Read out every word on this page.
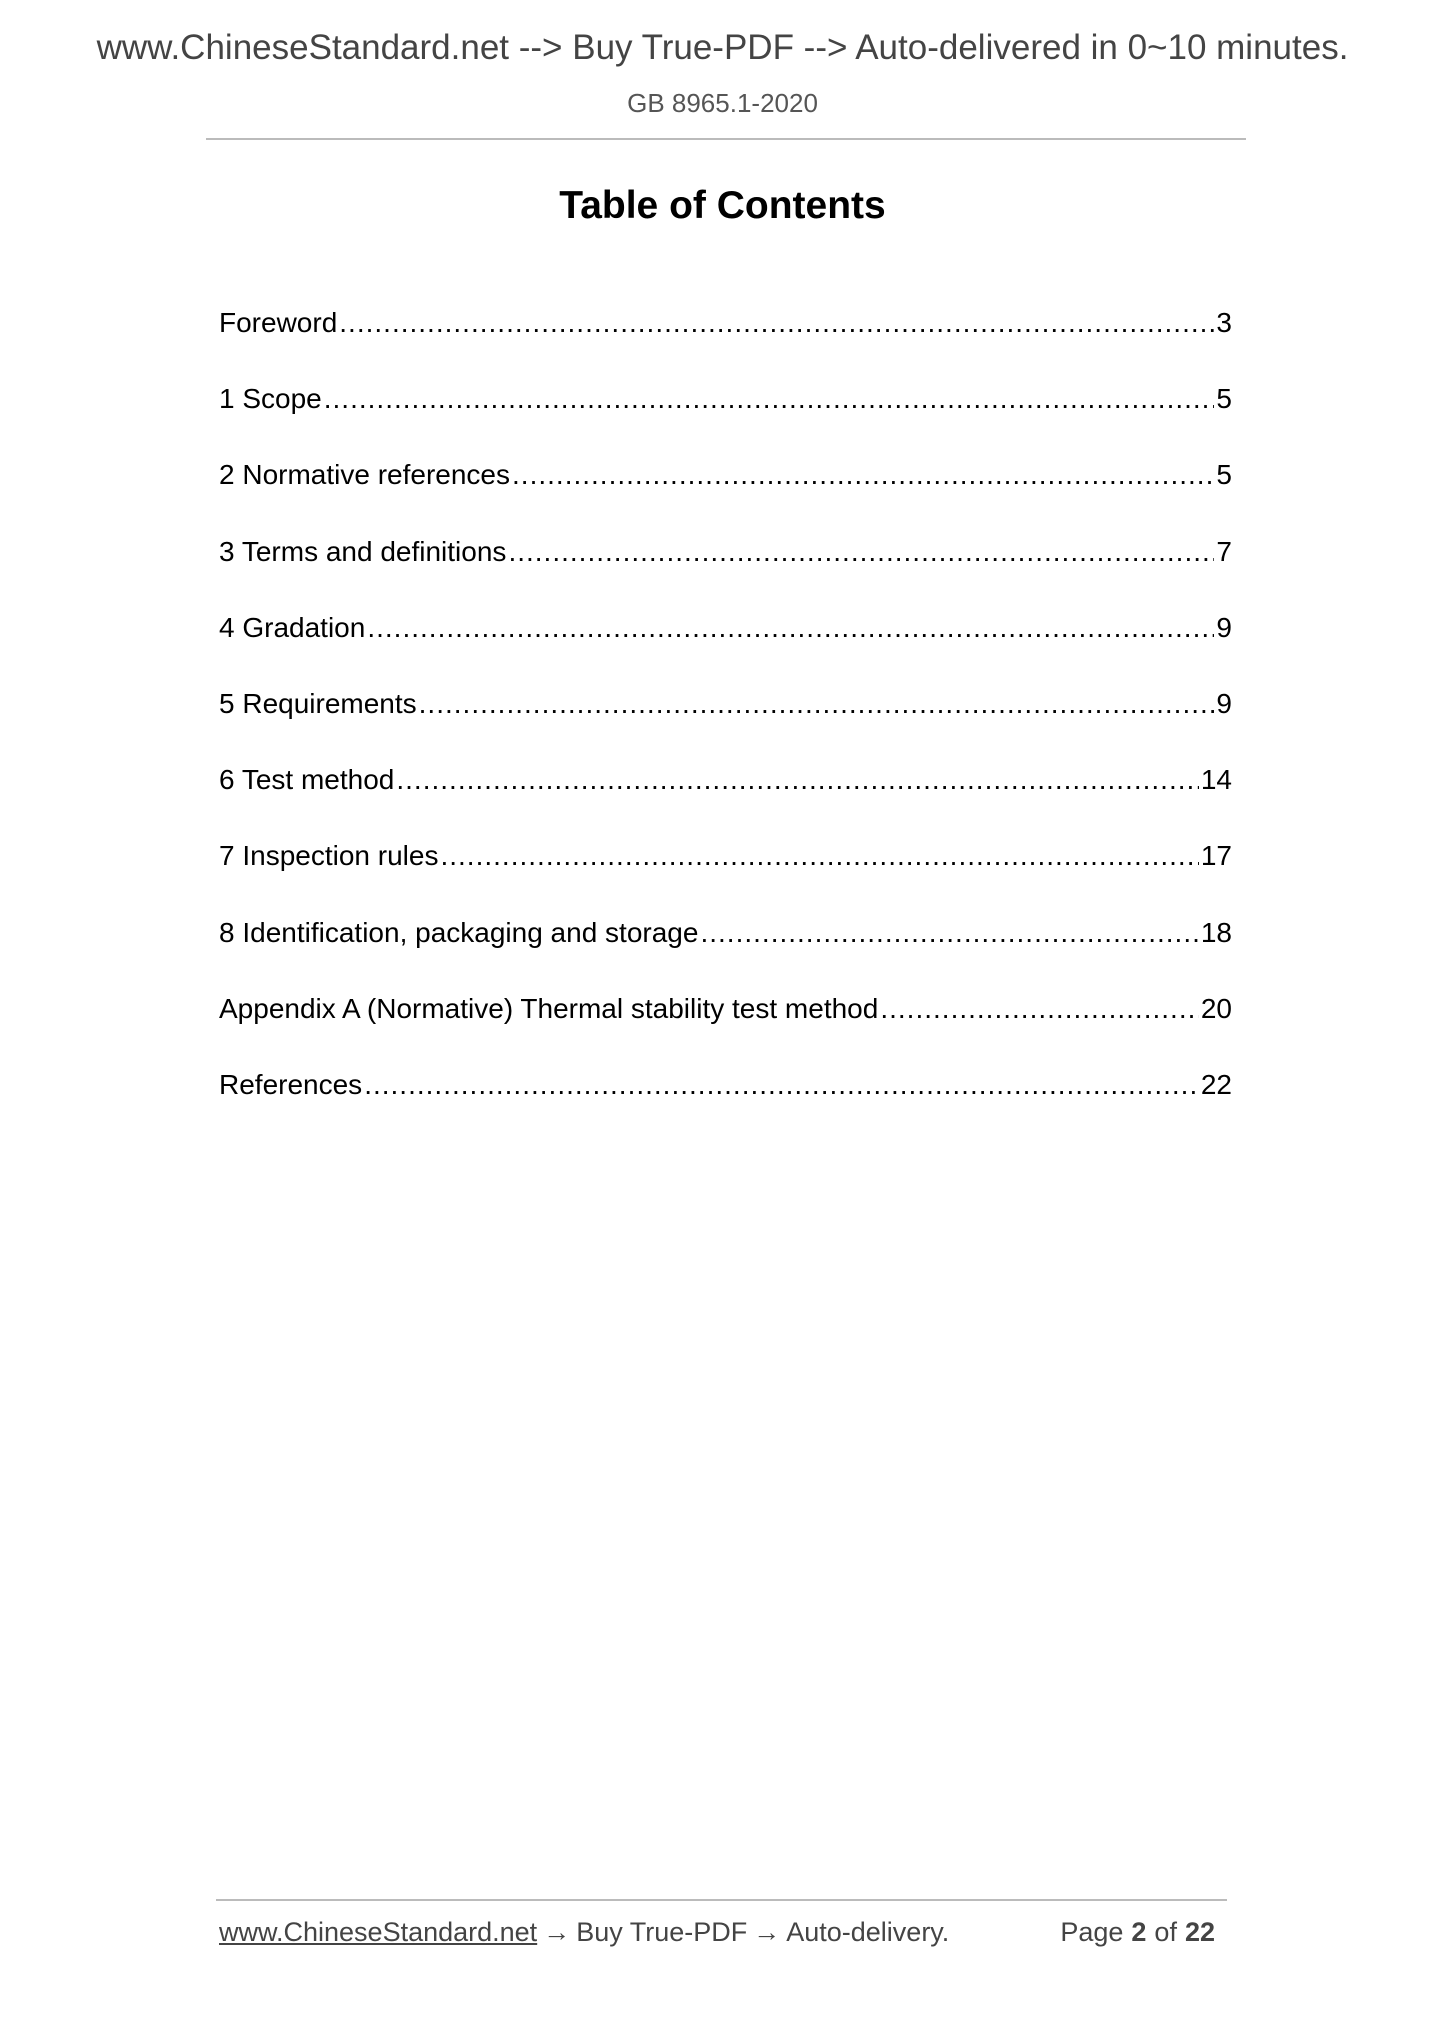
www.ChineseStandard.net --> Buy True-PDF --> Auto-delivered in 0~10 minutes.
GB 8965.1-2020
Table of Contents
Foreword .....	3
1 Scope .....	5
2 Normative references .....	5
3 Terms and definitions .....	7
4 Gradation .....	9
5 Requirements .....	9
6 Test method .....	14
7 Inspection rules .....	17
8 Identification, packaging and storage .....	18
Appendix A (Normative) Thermal stability test method .....	20
References .....	22
www.ChineseStandard.net → Buy True-PDF → Auto-delivery.	Page 2 of 22
